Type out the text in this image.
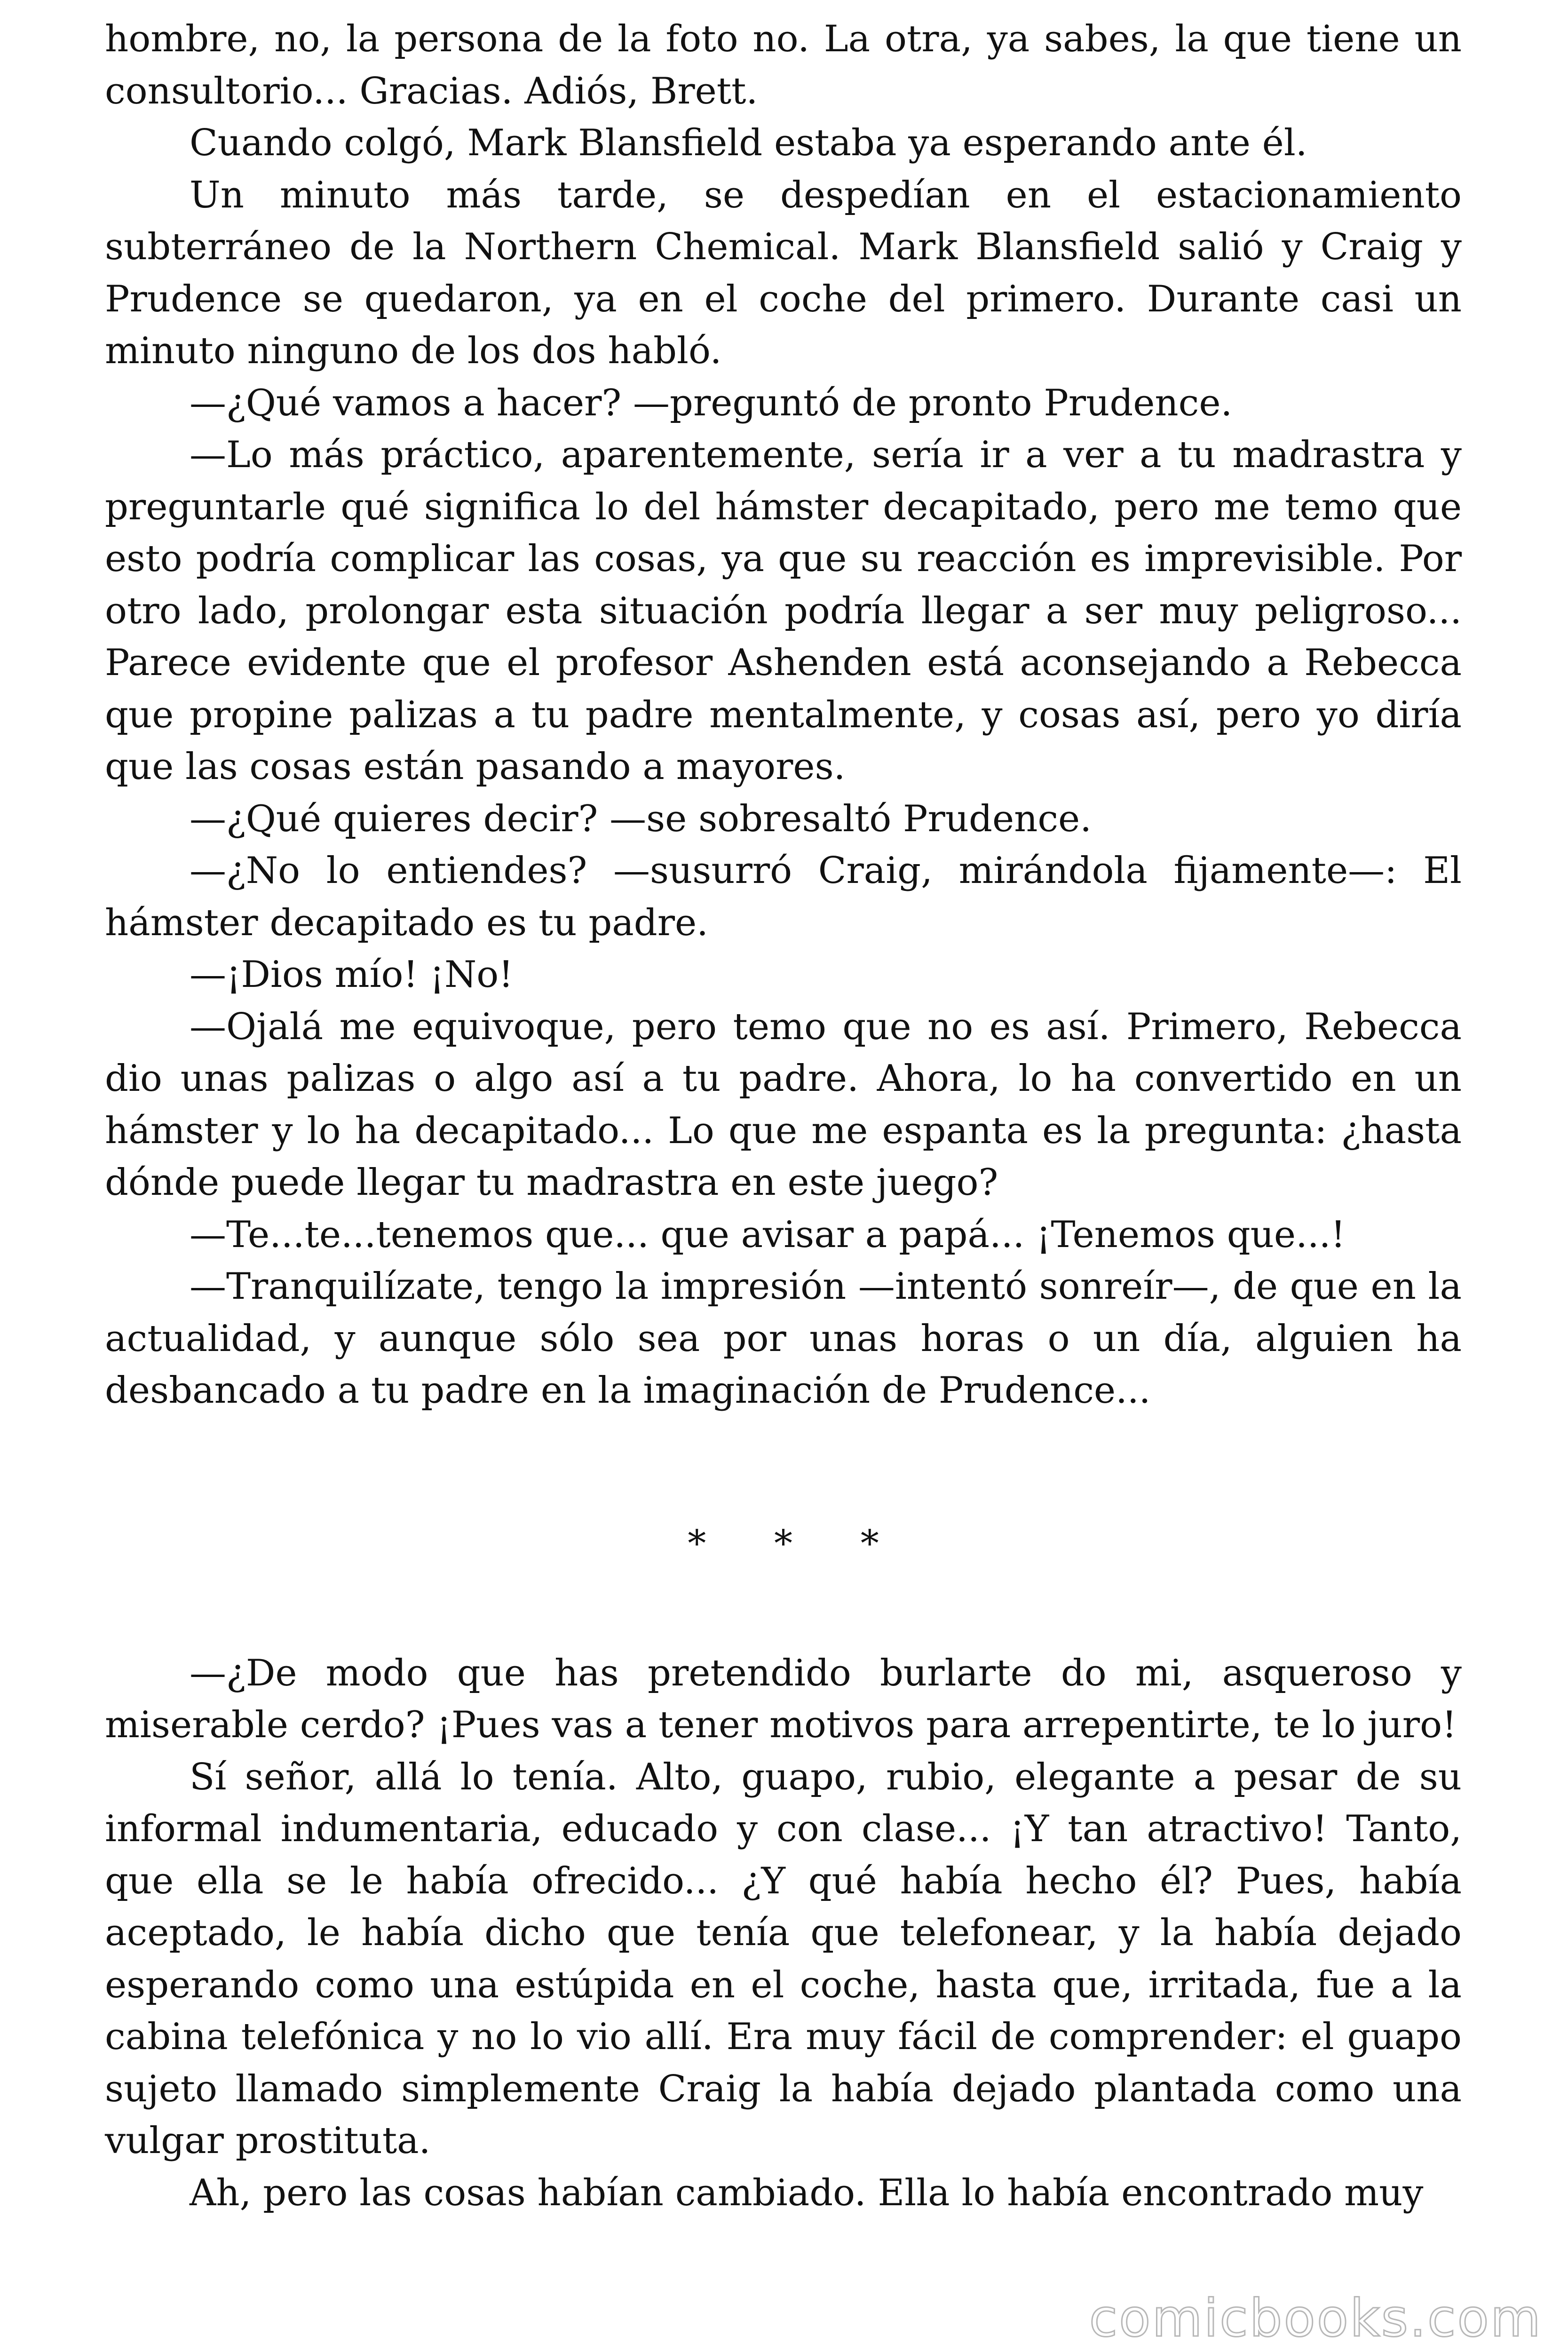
hombre, no, la persona de la foto no. La otra, ya sabes, la que tiene un consultorio... Gracias. Adiós, Brett.

Cuando colgó, Mark Blansfield estaba ya esperando ante él.

Un minuto más tarde, se despedían en el estacionamiento subterráneo de la Northern Chemical. Mark Blansfield salió y Craig y Prudence se quedaron, ya en el coche del primero. Durante casi un minuto ninguno de los dos habló.

—¿Qué vamos a hacer? —preguntó de pronto Prudence.

—Lo más práctico, aparentemente, sería ir a ver a tu madrastra y preguntarle qué significa lo del hámster decapitado, pero me temo que esto podría complicar las cosas, ya que su reacción es imprevisible. Por otro lado, prolongar esta situación podría llegar a ser muy peligroso... Parece evidente que el profesor Ashenden está aconsejando a Rebecca que propine palizas a tu padre mentalmente, y cosas así, pero yo diría que las cosas están pasando a mayores.

—¿Qué quieres decir? —se sobresaltó Prudence.

—¿No lo entiendes? —susurró Craig, mirándola fijamente—: El hámster decapitado es tu padre.

—¡Dios mío! ¡No!

—Ojalá me equivoque, pero temo que no es así. Primero, Rebecca dio unas palizas o algo así a tu padre. Ahora, lo ha convertido en un hámster y lo ha decapitado... Lo que me espanta es la pregunta: ¿hasta dónde puede llegar tu madrastra en este juego?

—Te...te...tenemos que... que avisar a papá... ¡Tenemos que...!

—Tranquilízate, tengo la impresión —intentó sonreír—, de que en la actualidad, y aunque sólo sea por unas horas o un día, alguien ha desbancado a tu padre en la imaginación de Prudence...

* * *

—¿De modo que has pretendido burlarte do mi, asqueroso y miserable cerdo? ¡Pues vas a tener motivos para arrepentirte, te lo juro!

Sí señor, allá lo tenía. Alto, guapo, rubio, elegante a pesar de su informal indumentaria, educado y con clase... ¡Y tan atractivo! Tanto, que ella se le había ofrecido... ¿Y qué había hecho él? Pues, había aceptado, le había dicho que tenía que telefonear, y la había dejado esperando como una estúpida en el coche, hasta que, irritada, fue a la cabina telefónica y no lo vio allí. Era muy fácil de comprender: el guapo sujeto llamado simplemente Craig la había dejado plantada como una vulgar prostituta.

Ah, pero las cosas habían cambiado. Ella lo había encontrado muy

comicbooks.com
